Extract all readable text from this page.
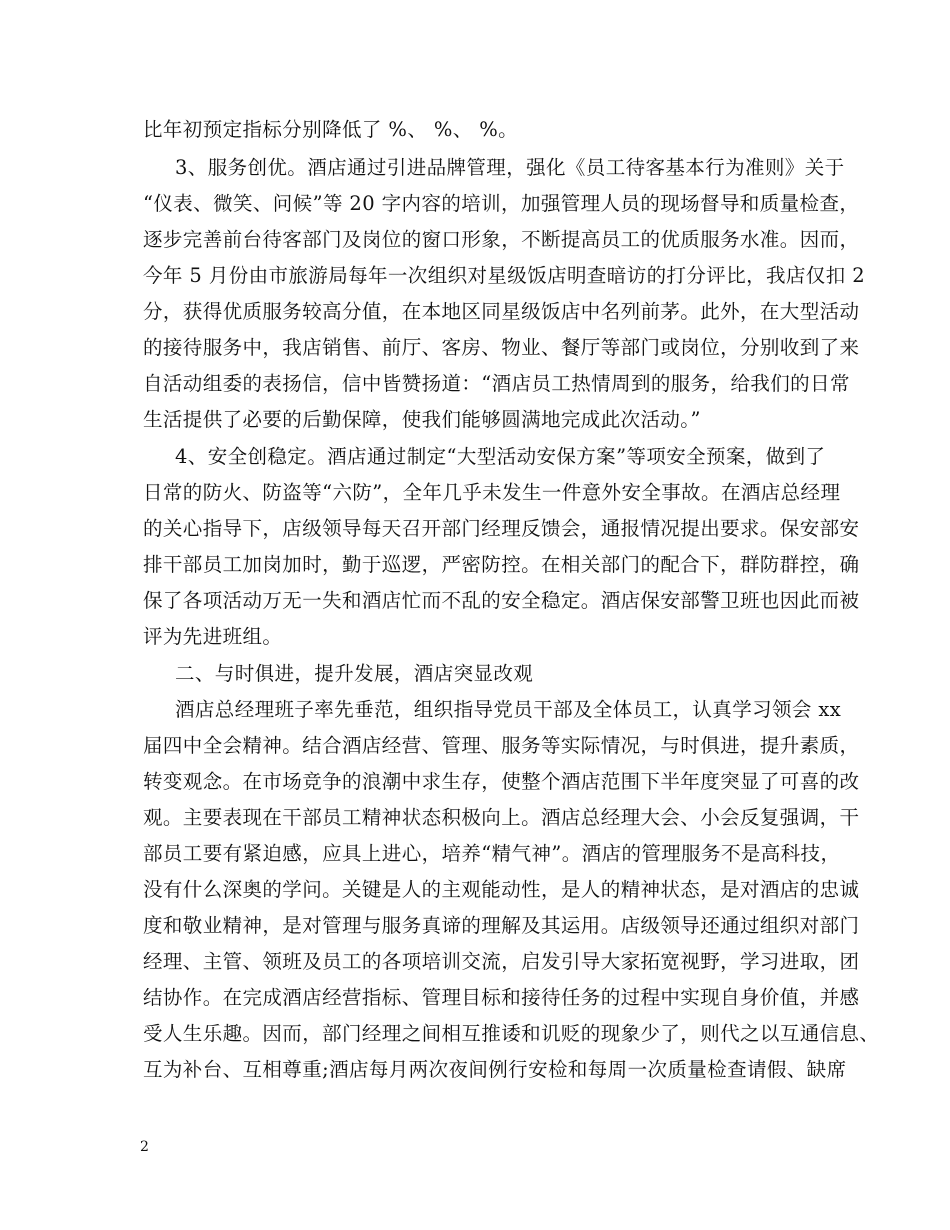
比年初预定指标分别降低了 %、 %、 %。
3、服务创优。酒店通过引进品牌管理，强化《员工待客基本行为准则》关于
“仪表、微笑、问候”等 20 字内容的培训，加强管理人员的现场督导和质量检查，
逐步完善前台待客部门及岗位的窗口形象，不断提高员工的优质服务水准。因而，
今年 5 月份由市旅游局每年一次组织对星级饭店明查暗访的打分评比，我店仅扣 2
分，获得优质服务较高分值，在本地区同星级饭店中名列前茅。此外，在大型活动
的接待服务中，我店销售、前厅、客房、物业、餐厅等部门或岗位，分别收到了来
自活动组委的表扬信，信中皆赞扬道：“酒店员工热情周到的服务，给我们的日常
生活提供了必要的后勤保障，使我们能够圆满地完成此次活动。”
4、安全创稳定。酒店通过制定“大型活动安保方案”等项安全预案，做到了
日常的防火、防盗等“六防”，全年几乎未发生一件意外安全事故。在酒店总经理
的关心指导下，店级领导每天召开部门经理反馈会，通报情况提出要求。保安部安
排干部员工加岗加时，勤于巡逻，严密防控。在相关部门的配合下，群防群控，确
保了各项活动万无一失和酒店忙而不乱的安全稳定。酒店保安部警卫班也因此而被
评为先进班组。
二、与时俱进，提升发展，酒店突显改观
酒店总经理班子率先垂范，组织指导党员干部及全体员工，认真学习领会 xx
届四中全会精神。结合酒店经营、管理、服务等实际情况，与时俱进，提升素质，
转变观念。在市场竞争的浪潮中求生存，使整个酒店范围下半年度突显了可喜的改
观。主要表现在干部员工精神状态积极向上。酒店总经理大会、小会反复强调，干
部员工要有紧迫感，应具上进心，培养“精气神”。酒店的管理服务不是高科技，
没有什么深奥的学问。关键是人的主观能动性，是人的精神状态，是对酒店的忠诚
度和敬业精神，是对管理与服务真谛的理解及其运用。店级领导还通过组织对部门
经理、主管、领班及员工的各项培训交流，启发引导大家拓宽视野，学习进取，团
结协作。在完成酒店经营指标、管理目标和接待任务的过程中实现自身价值，并感
受人生乐趣。因而，部门经理之间相互推诿和讥贬的现象少了，则代之以互通信息、
互为补台、互相尊重;酒店每月两次夜间例行安检和每周一次质量检查请假、缺席
2
